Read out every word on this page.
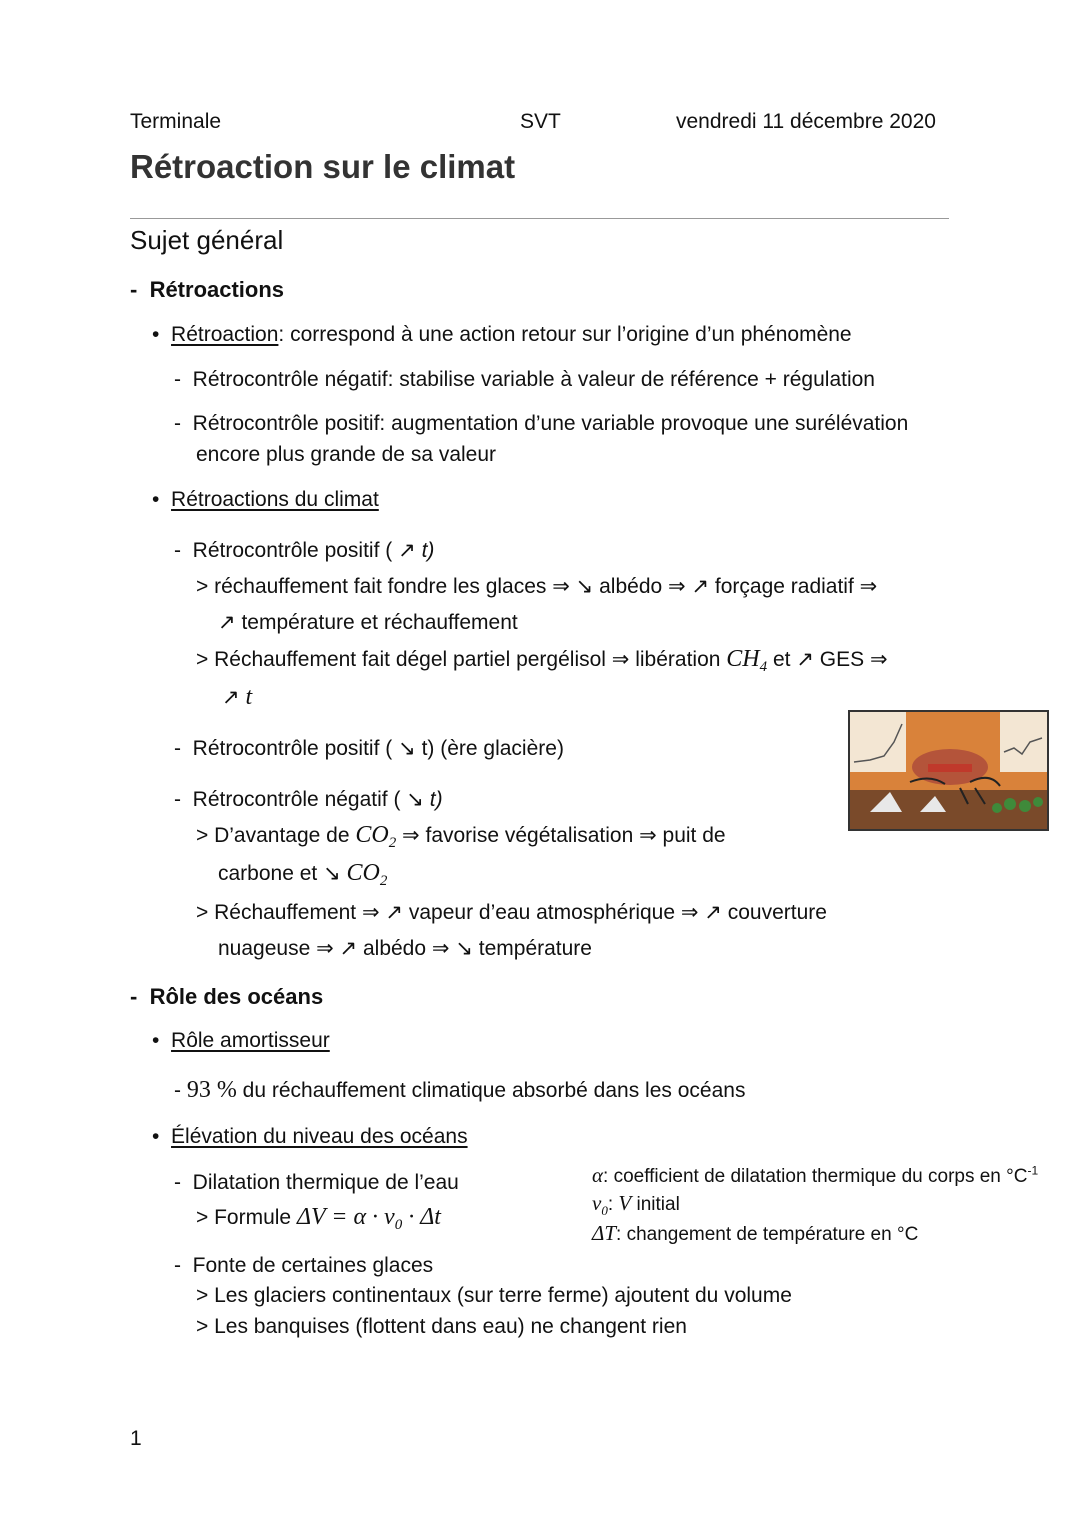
Terminale	SVT	vendredi 11 décembre 2020
Rétroaction sur le climat
Sujet général
- Rétroactions
• Rétroaction: correspond à une action retour sur l’origine d’un phénomène
- Rétrocontrôle négatif: stabilise variable à valeur de référence + régulation
- Rétrocontrôle positif: augmentation d’une variable provoque une surélévation
encore plus grande de sa valeur
• Rétroactions du climat
- Rétrocontrôle positif ( ↗ t)
> réchauffement fait fondre les glaces ⇒ ↘ albédo ⇒ ↗ forçage radiatif ⇒
↗ température et réchauffement
> Réchauffement fait dégel partiel pergélisol ⇒ libération $CH_4$ et ↗ GES ⇒
↗ t
- Rétrocontrôle positif ( ↘ t) (ère glacière)
- Rétrocontrôle négatif ( ↘ t)
> D’avantage de $CO_2$ ⇒ favorise végétalisation ⇒ puit de
carbone et ↘ $CO_2$
> Réchauffement ⇒ ↗ vapeur d’eau atmosphérique ⇒ ↗ couverture
nuageuse ⇒ ↗ albédo ⇒ ↘ température
- Rôle des océans
• Rôle amortisseur
- 93 % du réchauffement climatique absorbé dans les océans
• Élévation du niveau des océans
- Dilatation thermique de l’eau
> Formule $\Delta V = \alpha \cdot v_0 \cdot \Delta t$
α: coefficient de dilatation thermique du corps en $^\circ C^{-1}$
$v_0$: V initial
ΔT: changement de température en °C
- Fonte de certaines glaces
> Les glaciers continentaux (sur terre ferme) ajoutent du volume
> Les banquises (flottent dans eau) ne changent rien
1
